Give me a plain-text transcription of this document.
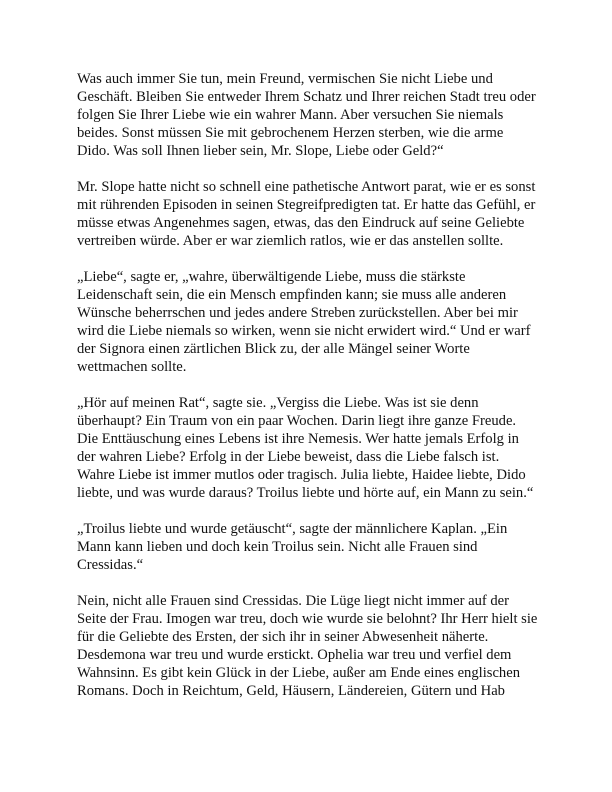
Was auch immer Sie tun, mein Freund, vermischen Sie nicht Liebe und Geschäft. Bleiben Sie entweder Ihrem Schatz und Ihrer reichen Stadt treu oder folgen Sie Ihrer Liebe wie ein wahrer Mann. Aber versuchen Sie niemals beides. Sonst müssen Sie mit gebrochenem Herzen sterben, wie die arme Dido. Was soll Ihnen lieber sein, Mr. Slope, Liebe oder Geld?“

Mr. Slope hatte nicht so schnell eine pathetische Antwort parat, wie er es sonst mit rührenden Episoden in seinen Stegreifpredigten tat. Er hatte das Gefühl, er müsse etwas Angenehmes sagen, etwas, das den Eindruck auf seine Geliebte vertreiben würde. Aber er war ziemlich ratlos, wie er das anstellen sollte.

„Liebe“, sagte er, „wahre, überwältigende Liebe, muss die stärkste Leidenschaft sein, die ein Mensch empfinden kann; sie muss alle anderen Wünsche beherrschen und jedes andere Streben zurückstellen. Aber bei mir wird die Liebe niemals so wirken, wenn sie nicht erwidert wird.“ Und er warf der Signora einen zärtlichen Blick zu, der alle Mängel seiner Worte wettmachen sollte.

„Hör auf meinen Rat“, sagte sie. „Vergiss die Liebe. Was ist sie denn überhaupt? Ein Traum von ein paar Wochen. Darin liegt ihre ganze Freude. Die Enttäuschung eines Lebens ist ihre Nemesis. Wer hatte jemals Erfolg in der wahren Liebe? Erfolg in der Liebe beweist, dass die Liebe falsch ist. Wahre Liebe ist immer mutlos oder tragisch. Julia liebte, Haidee liebte, Dido liebte, und was wurde daraus? Troilus liebte und hörte auf, ein Mann zu sein.“

„Troilus liebte und wurde getäuscht“, sagte der männlichere Kaplan. „Ein Mann kann lieben und doch kein Troilus sein. Nicht alle Frauen sind Cressidas.“

Nein, nicht alle Frauen sind Cressidas. Die Lüge liegt nicht immer auf der Seite der Frau. Imogen war treu, doch wie wurde sie belohnt? Ihr Herr hielt sie für die Geliebte des Ersten, der sich ihr in seiner Abwesenheit näherte. Desdemona war treu und wurde erstickt. Ophelia war treu und verfiel dem Wahnsinn. Es gibt kein Glück in der Liebe, außer am Ende eines englischen Romans. Doch in Reichtum, Geld, Häusern, Ländereien, Gütern und Hab
